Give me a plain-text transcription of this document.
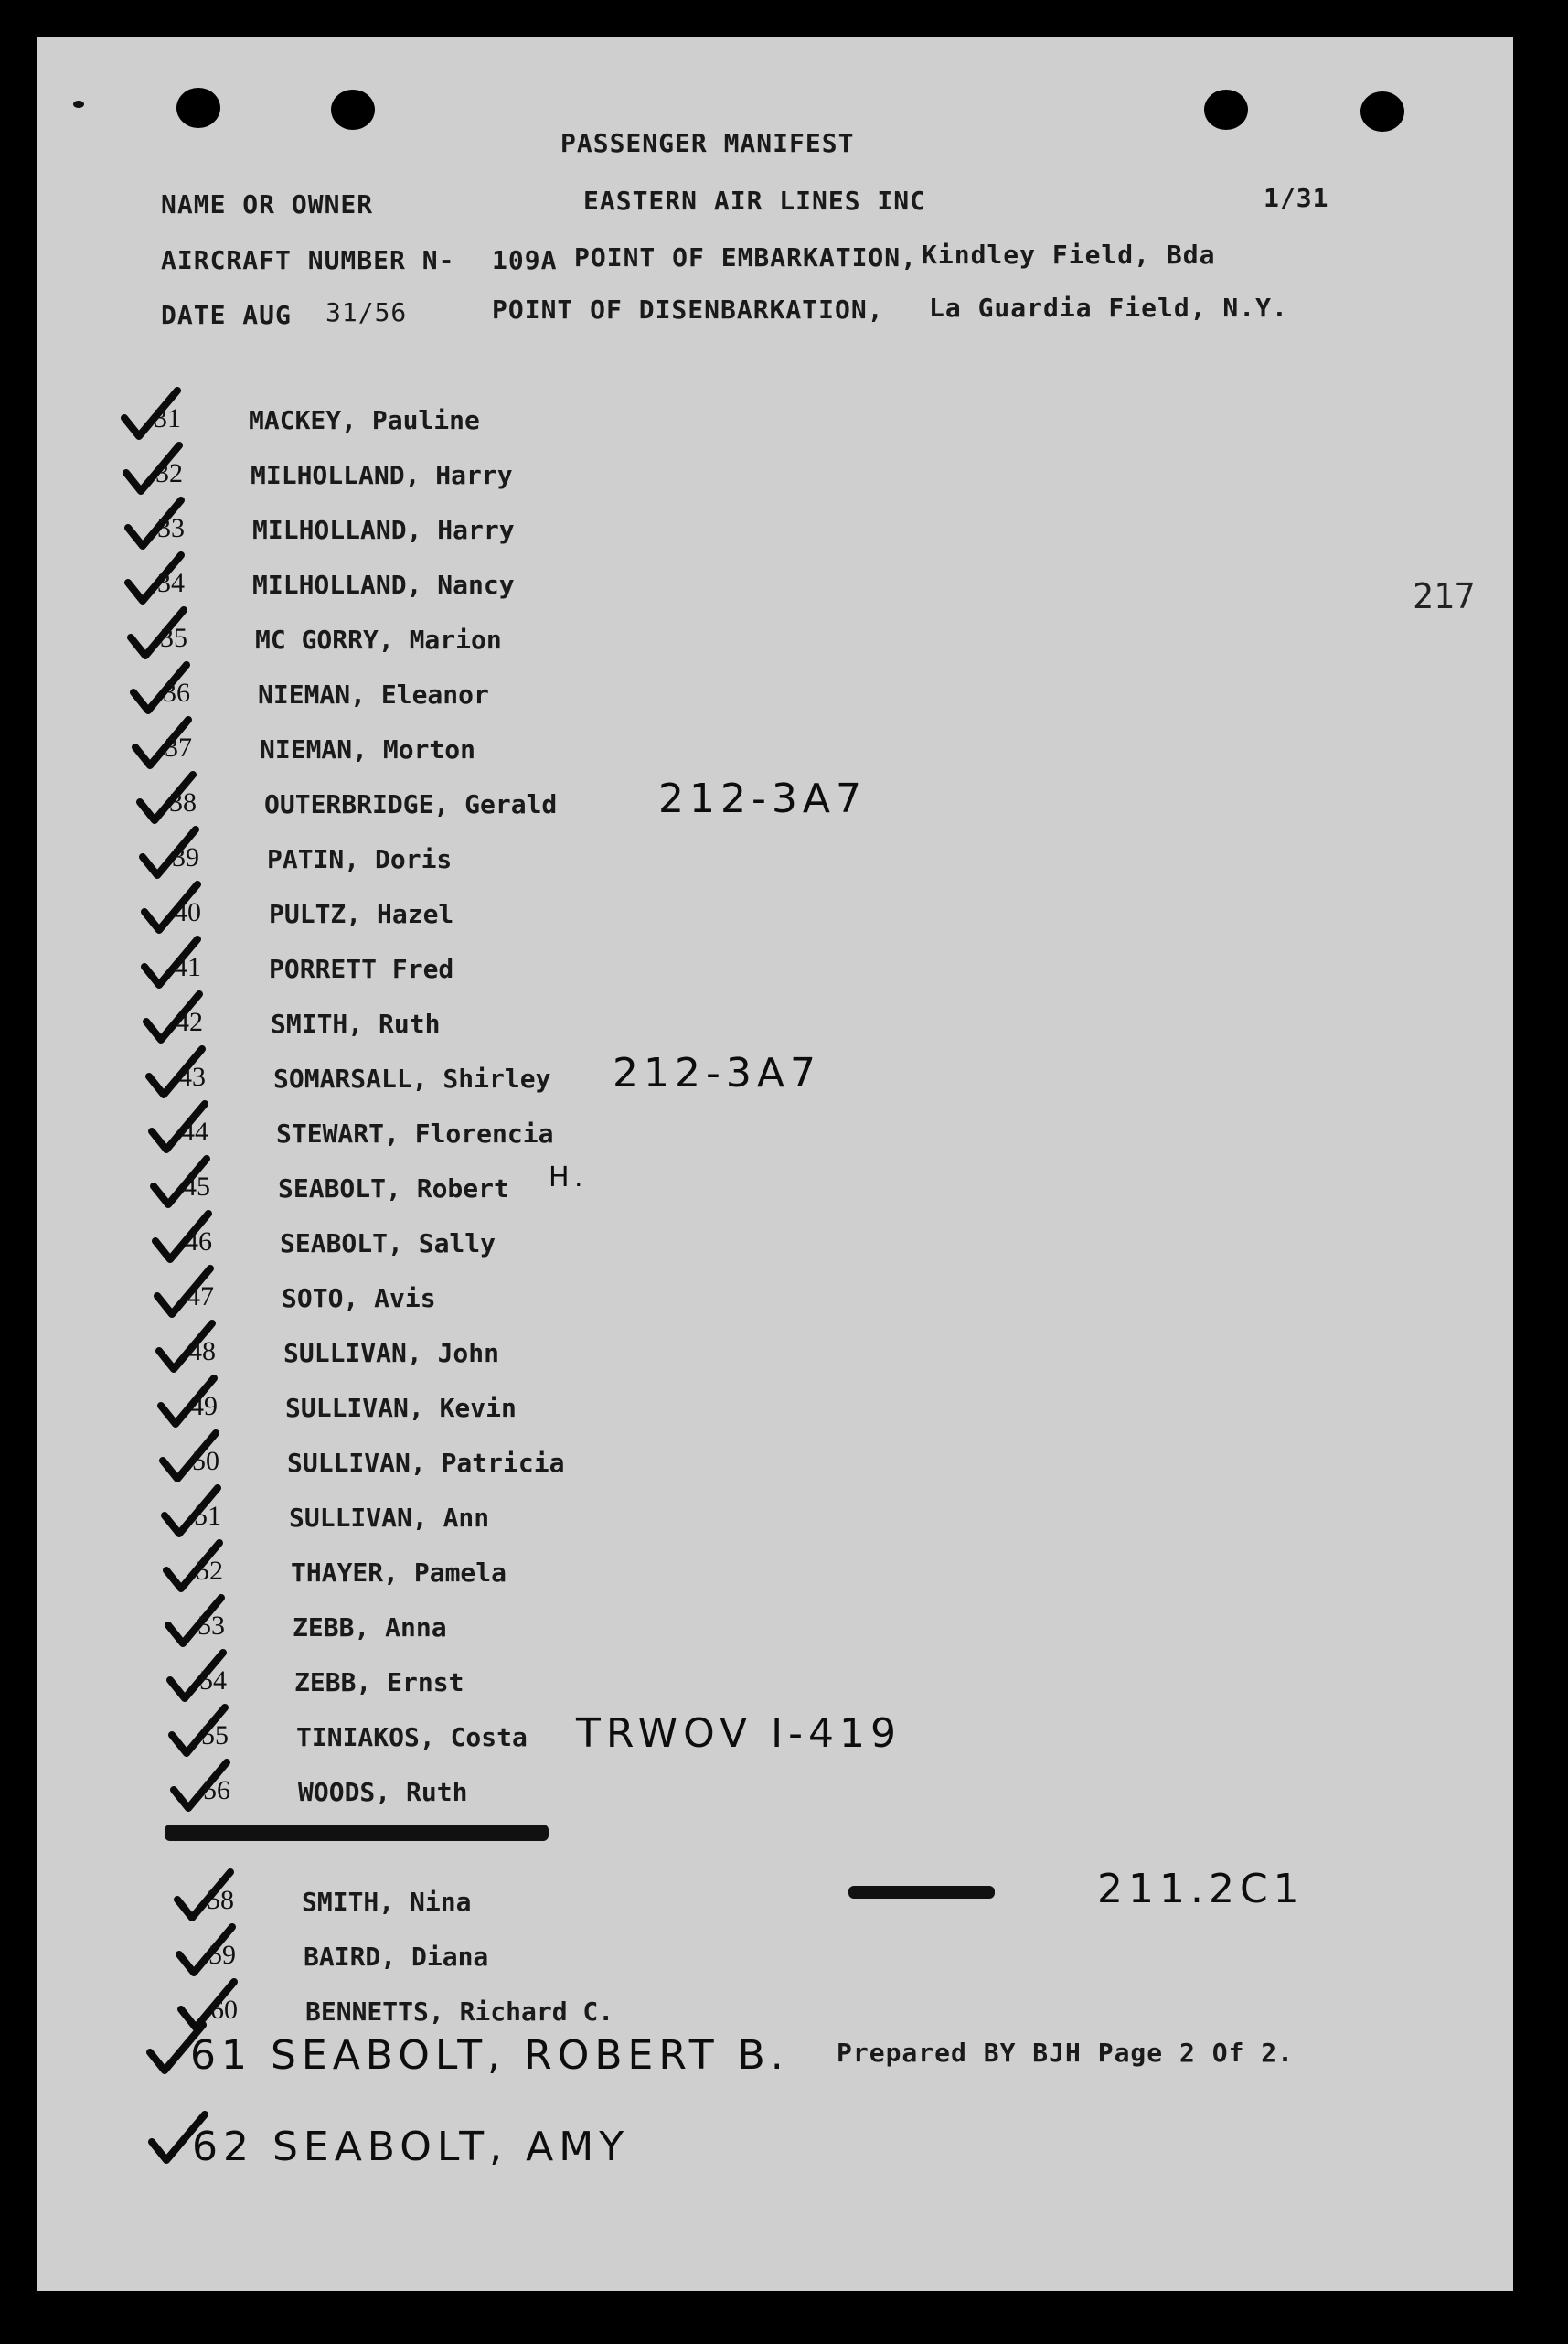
PASSENGER MANIFEST
NAME OR OWNER	EASTERN AIR LINES INC	1/31
AIRCRAFT NUMBER N- 109A POINT OF EMBARKATION, Kindley Field, Bda
DATE AUG 31/56	POINT OF DISENBARKATION, La Guardia Field, N.Y.
217
31	MACKEY, Pauline
32	MILHOLLAND, Harry
33	MILHOLLAND, Harry
34	MILHOLLAND, Nancy
35	MC GORRY, Marion
36	NIEMAN, Eleanor
37	NIEMAN, Morton
38	OUTERBRIDGE, Gerald
39	PATIN, Doris
40	PULTZ, Hazel
41	PORRETT Fred
42	SMITH, Ruth
43	SOMARSALL, Shirley
44	STEWART, Florencia
45	SEABOLT, Robert
46	SEABOLT, Sally
47	SOTO, Avis
48	SULLIVAN, John
49	SULLIVAN, Kevin
50	SULLIVAN, Patricia
51	SULLIVAN, Ann
52	THAYER, Pamela
53	ZEBB, Anna
54	ZEBB, Ernst
55	TINIAKOS, Costa
56	WOODS, Ruth
58	SMITH, Nina
59	BAIRD, Diana
60	BENNETTS, Richard C.
212-3A7
212-3A7
H.
TRWOV I-419
211.2C1
61 SEABOLT, ROBERT B. Prepared BY BJH Page 2 Of 2.
62 SEABOLT, AMY
